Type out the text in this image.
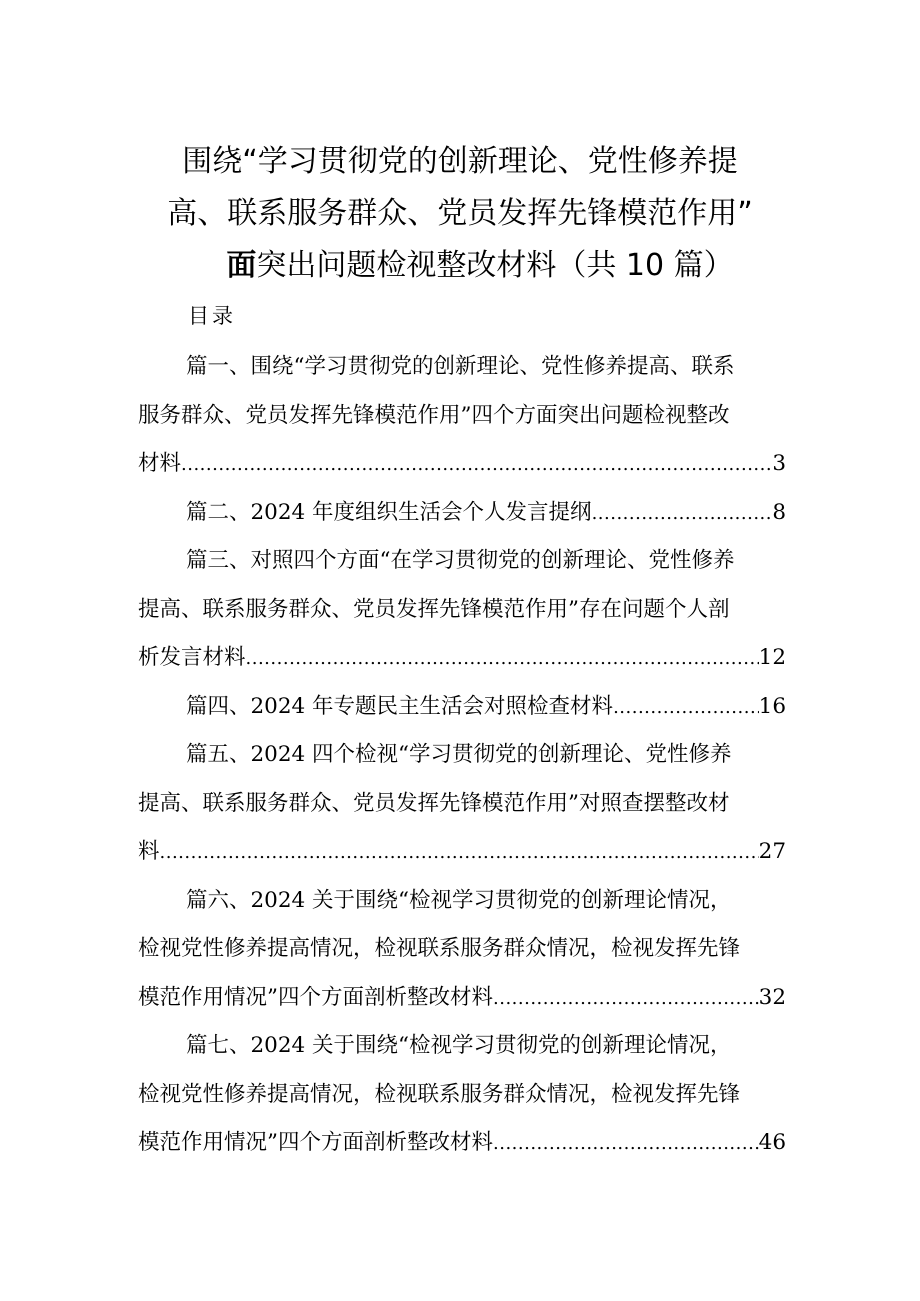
围绕“学习贯彻党的创新理论、党性修养提
高、联系服务群众、党员发挥先锋模范作用”
面突出问题检视整改材料（共 10 篇）
目录
篇一、围绕“学习贯彻党的创新理论、党性修养提高、联系
服务群众、党员发挥先锋模范作用”四个方面突出问题检视整改
材料 .....	3
篇二、2024 年度组织生活会个人发言提纲 .....	8
篇三、对照四个方面“在学习贯彻党的创新理论、党性修养
提高、联系服务群众、党员发挥先锋模范作用”存在问题个人剖
析发言材料 .....	12
篇四、2024 年专题民主生活会对照检查材料 .....	16
篇五、2024 四个检视“学习贯彻党的创新理论、党性修养
提高、联系服务群众、党员发挥先锋模范作用”对照查摆整改材
料 .....	27
篇六、2024 关于围绕“检视学习贯彻党的创新理论情况，
检视党性修养提高情况，检视联系服务群众情况，检视发挥先锋
模范作用情况”四个方面剖析整改材料 .....	32
篇七、2024 关于围绕“检视学习贯彻党的创新理论情况，
检视党性修养提高情况，检视联系服务群众情况，检视发挥先锋
模范作用情况”四个方面剖析整改材料 .....	46
